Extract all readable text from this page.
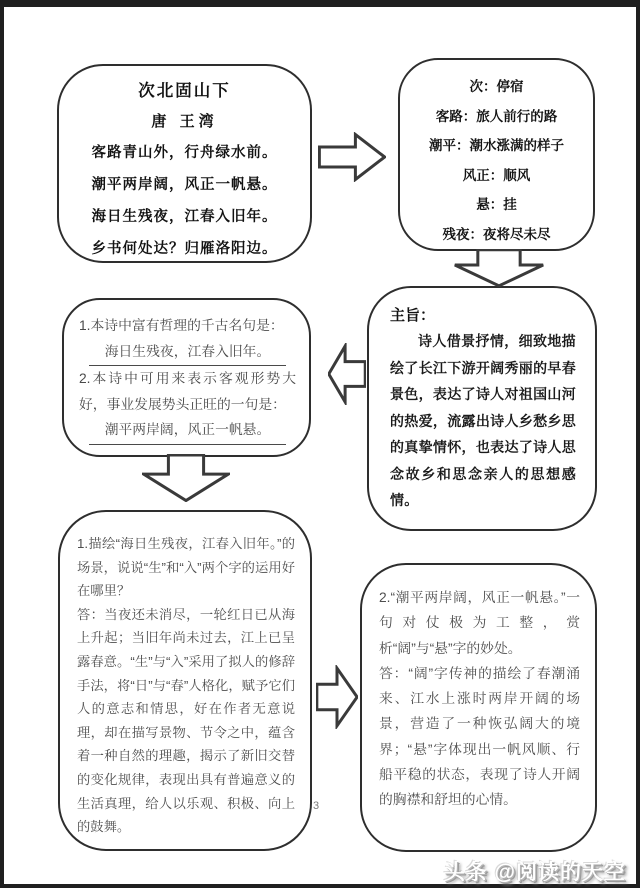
次北固山下
唐 王湾
客路青山外，行舟绿水前。
潮平两岸阔，风正一帆悬。
海日生残夜，江春入旧年。
乡书何处达？归雁洛阳边。
次：停宿
客路：旅人前行的路
潮平：潮水涨满的样子
风正：顺风
悬：挂
残夜：夜将尽未尽
主旨：

诗人借景抒情，细致地描绘了长江下游开阔秀丽的早春景色，表达了诗人对祖国山河的热爱，流露出诗人乡愁乡思的真挚情怀，也表达了诗人思念故乡和思念亲人的思想感情。

1.本诗中富有哲理的千古名句是：

海日生残夜，江春入旧年。

2.本诗中可用来表示客观形势大好，事业发展势头正旺的一句是：

潮平两岸阔，风正一帆悬。

1.描绘“海日生残夜，江春入旧年。”的场景，说说“生”和“入”两个字的运用好在哪里？

答：当夜还未消尽，一轮红日已从海上升起；当旧年尚未过去，江上已呈露春意。“生”与“入”采用了拟人的修辞手法，将“日”与“春”人格化，赋予它们人的意志和情思，好在作者无意说理，却在描写景物、节令之中，蕴含着一种自然的理趣，揭示了新旧交替的变化规律，表现出具有普遍意义的生活真理，给人以乐观、积极、向上的鼓舞。

2.“潮平两岸阔，风正一帆悬。”一句对仗极为工整，赏析“阔”与“悬”字的妙处。

答：“阔”字传神的描绘了春潮涌来、江水上涨时两岸开阔的场景，营造了一种恢弘阔大的境界；“悬”字体现出一帆风顺、行船平稳的状态，表现了诗人开阔的胸襟和舒坦的心情。

3
头条 @阅读的天空
